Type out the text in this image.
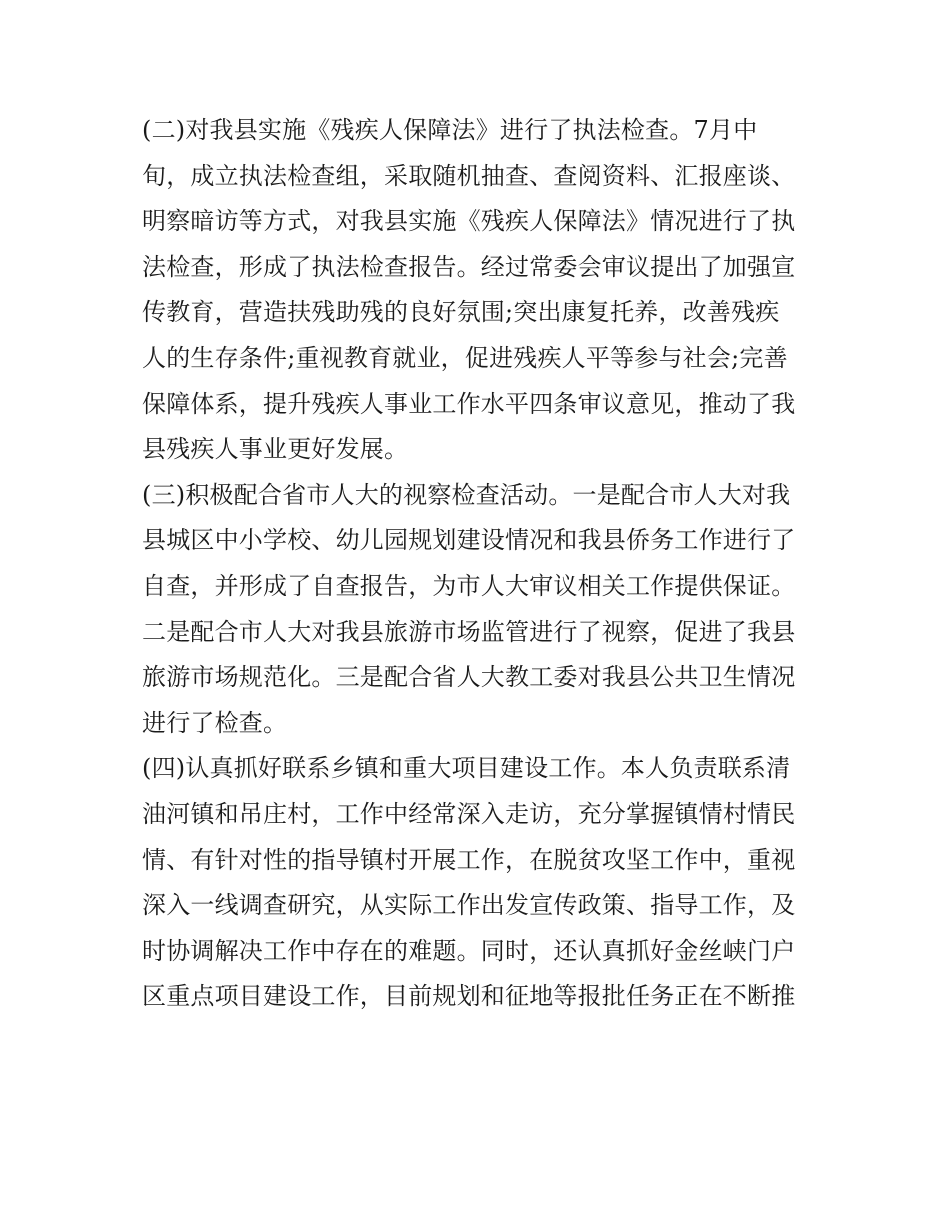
(二)对我县实施《残疾人保障法》进行了执法检查。7月中
旬，成立执法检查组，采取随机抽查、查阅资料、汇报座谈、
明察暗访等方式，对我县实施《残疾人保障法》情况进行了执
法检查，形成了执法检查报告。经过常委会审议提出了加强宣
传教育，营造扶残助残的良好氛围;突出康复托养，改善残疾
人的生存条件;重视教育就业，促进残疾人平等参与社会;完善
保障体系，提升残疾人事业工作水平四条审议意见，推动了我
县残疾人事业更好发展。
(三)积极配合省市人大的视察检查活动。一是配合市人大对我
县城区中小学校、幼儿园规划建设情况和我县侨务工作进行了
自查，并形成了自查报告，为市人大审议相关工作提供保证。
二是配合市人大对我县旅游市场监管进行了视察，促进了我县
旅游市场规范化。三是配合省人大教工委对我县公共卫生情况
进行了检查。
(四)认真抓好联系乡镇和重大项目建设工作。本人负责联系清
油河镇和吊庄村，工作中经常深入走访，充分掌握镇情村情民
情、有针对性的指导镇村开展工作，在脱贫攻坚工作中，重视
深入一线调查研究，从实际工作出发宣传政策、指导工作，及
时协调解决工作中存在的难题。同时，还认真抓好金丝峡门户
区重点项目建设工作，目前规划和征地等报批任务正在不断推
